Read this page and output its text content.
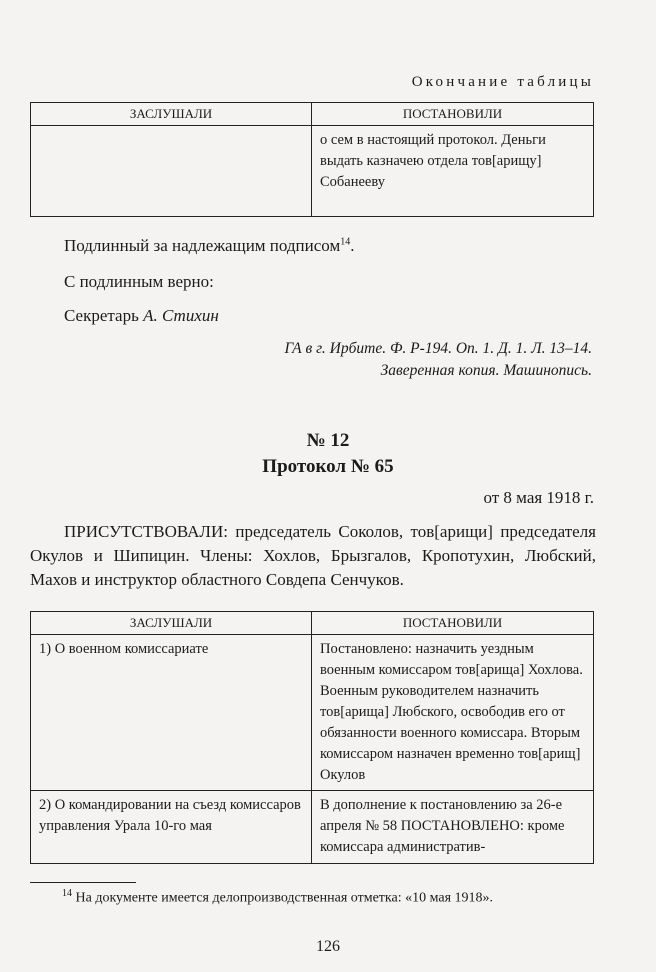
Окончание таблицы
ЗАСЛУШАЛИ	ПОСТАНОВИЛИ
	о сем в настоящий протокол. Деньги выдать казначею отдела тов[арищу] Собанееву
Подлинный за надлежащим подписом$^{14}$.
С подлинным верно:
Секретарь А. Стихин
ГА в г. Ирбите. Ф. Р-194. Оп. 1. Д. 1. Л. 13–14.
Заверенная копия. Машинопись.
№ 12
Протокол № 65
от 8 мая 1918 г.
ПРИСУТСТВОВАЛИ: председатель Соколов, тов[арищи] председателя Окулов и Шипицин. Члены: Хохлов, Брызгалов, Кропотухин, Любский, Махов и инструктор областного Совдепа Сенчуков.
ЗАСЛУШАЛИ	ПОСТАНОВИЛИ
1) О военном комиссариате	Постановлено: назначить уездным военным комиссаром тов[арища] Хохлова. Военным руководителем назначить тов[арища] Любского, освободив его от обязанности военного комиссара. Вторым комиссаром назначен временно тов[арищ] Окулов
2) О командировании на съезд комиссаров управления Урала 10-го мая	В дополнение к постановлению за 26-е апреля № 58 ПОСТАНОВЛЕНО: кроме комиссара административ-
$^{14}$ На документе имеется делопроизводственная отметка: «10 мая 1918».
126
